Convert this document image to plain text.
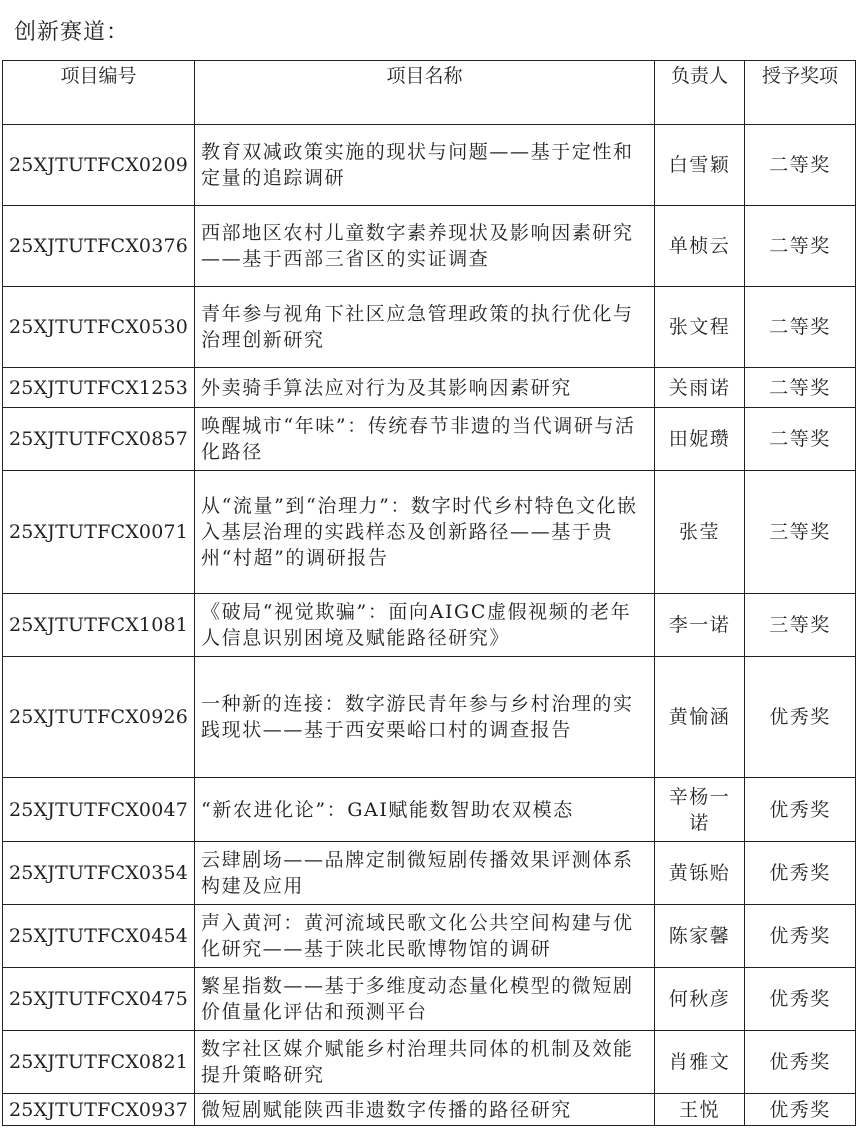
创新赛道：
项目编号	项目名称	负责人	授予奖项
25XJTUTFCX0209	教育双减政策实施的现状与问题——基于定性和定量的追踪调研	白雪颖	二等奖
25XJTUTFCX0376	西部地区农村儿童数字素养现状及影响因素研究——基于西部三省区的实证调查	单桢云	二等奖
25XJTUTFCX0530	青年参与视角下社区应急管理政策的执行优化与治理创新研究	张文程	二等奖
25XJTUTFCX1253	外卖骑手算法应对行为及其影响因素研究	关雨诺	二等奖
25XJTUTFCX0857	唤醒城市“年味”：传统春节非遗的当代调研与活化路径	田妮瓒	二等奖
25XJTUTFCX0071	从“流量”到“治理力”：数字时代乡村特色文化嵌入基层治理的实践样态及创新路径——基于贵州“村超”的调研报告	张莹	三等奖
25XJTUTFCX1081	《破局“视觉欺骗”：面向AIGC虚假视频的老年人信息识别困境及赋能路径研究》	李一诺	三等奖
25XJTUTFCX0926	一种新的连接：数字游民青年参与乡村治理的实践现状——基于西安栗峪口村的调查报告	黄愉涵	优秀奖
25XJTUTFCX0047	“新农进化论”：GAI赋能数智助农双模态	辛杨一诺	优秀奖
25XJTUTFCX0354	云肆剧场——品牌定制微短剧传播效果评测体系构建及应用	黄铄贻	优秀奖
25XJTUTFCX0454	声入黄河：黄河流域民歌文化公共空间构建与优化研究——基于陕北民歌博物馆的调研	陈家馨	优秀奖
25XJTUTFCX0475	繁星指数——基于多维度动态量化模型的微短剧价值量化评估和预测平台	何秋彦	优秀奖
25XJTUTFCX0821	数字社区媒介赋能乡村治理共同体的机制及效能提升策略研究	肖雅文	优秀奖
25XJTUTFCX0937	微短剧赋能陕西非遗数字传播的路径研究	王悦	优秀奖
